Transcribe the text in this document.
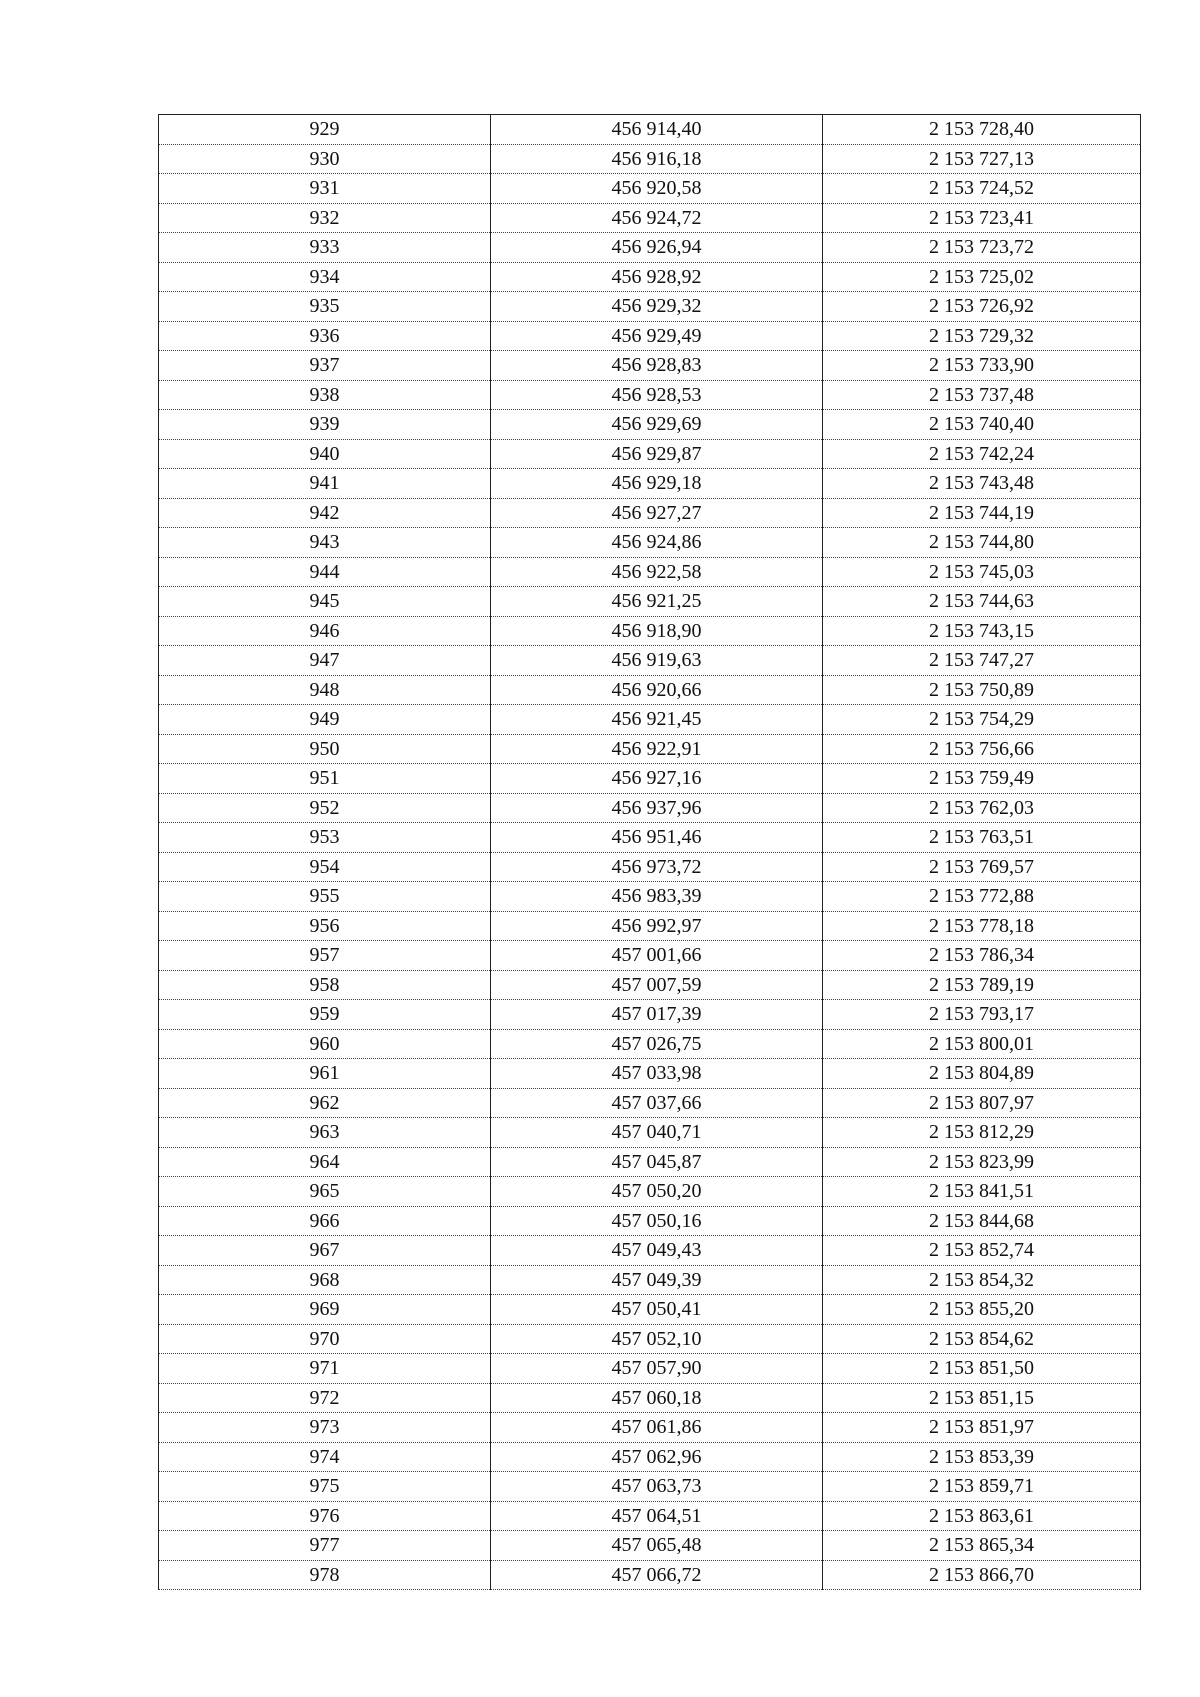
929	456 914,40	2 153 728,40
930	456 916,18	2 153 727,13
931	456 920,58	2 153 724,52
932	456 924,72	2 153 723,41
933	456 926,94	2 153 723,72
934	456 928,92	2 153 725,02
935	456 929,32	2 153 726,92
936	456 929,49	2 153 729,32
937	456 928,83	2 153 733,90
938	456 928,53	2 153 737,48
939	456 929,69	2 153 740,40
940	456 929,87	2 153 742,24
941	456 929,18	2 153 743,48
942	456 927,27	2 153 744,19
943	456 924,86	2 153 744,80
944	456 922,58	2 153 745,03
945	456 921,25	2 153 744,63
946	456 918,90	2 153 743,15
947	456 919,63	2 153 747,27
948	456 920,66	2 153 750,89
949	456 921,45	2 153 754,29
950	456 922,91	2 153 756,66
951	456 927,16	2 153 759,49
952	456 937,96	2 153 762,03
953	456 951,46	2 153 763,51
954	456 973,72	2 153 769,57
955	456 983,39	2 153 772,88
956	456 992,97	2 153 778,18
957	457 001,66	2 153 786,34
958	457 007,59	2 153 789,19
959	457 017,39	2 153 793,17
960	457 026,75	2 153 800,01
961	457 033,98	2 153 804,89
962	457 037,66	2 153 807,97
963	457 040,71	2 153 812,29
964	457 045,87	2 153 823,99
965	457 050,20	2 153 841,51
966	457 050,16	2 153 844,68
967	457 049,43	2 153 852,74
968	457 049,39	2 153 854,32
969	457 050,41	2 153 855,20
970	457 052,10	2 153 854,62
971	457 057,90	2 153 851,50
972	457 060,18	2 153 851,15
973	457 061,86	2 153 851,97
974	457 062,96	2 153 853,39
975	457 063,73	2 153 859,71
976	457 064,51	2 153 863,61
977	457 065,48	2 153 865,34
978	457 066,72	2 153 866,70
